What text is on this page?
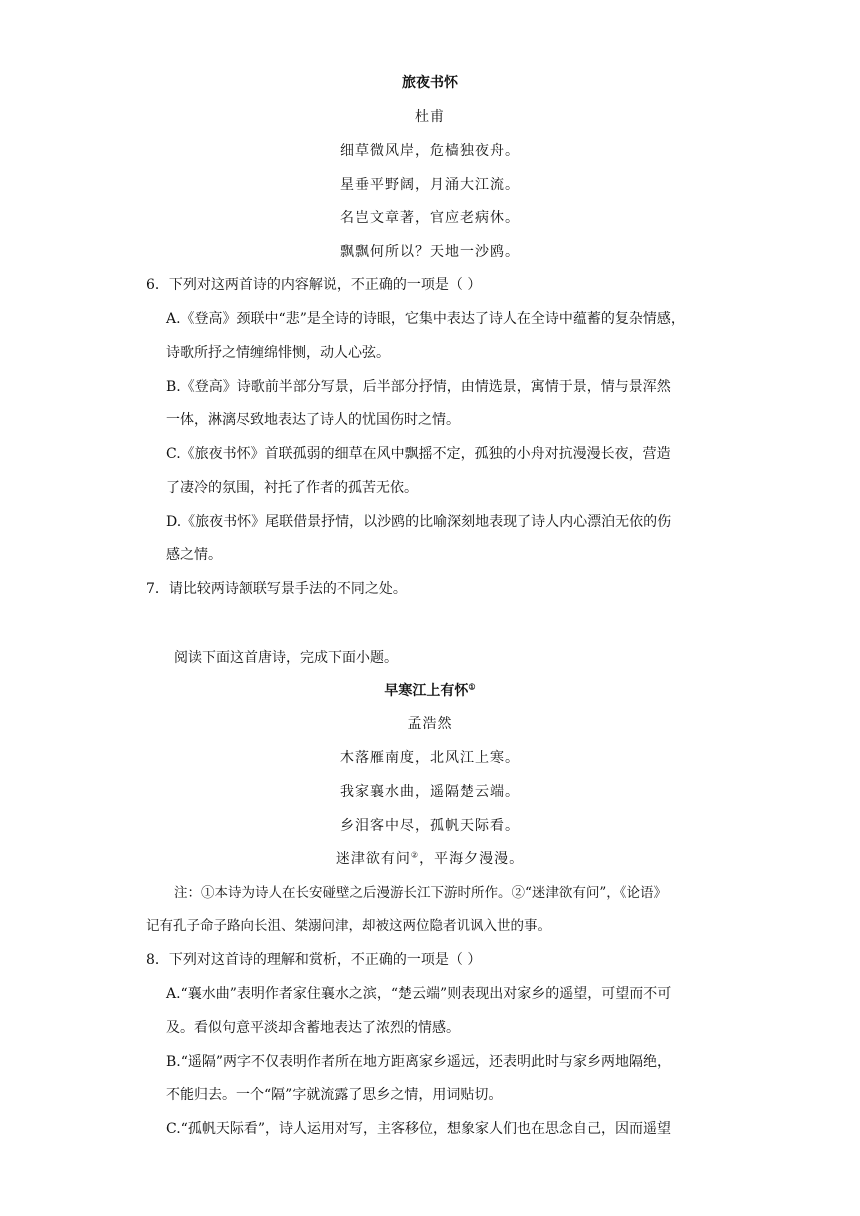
旅夜书怀
杜甫
细草微风岸，危樯独夜舟。
星垂平野阔，月涌大江流。
名岂文章著，官应老病休。
飘飘何所以？天地一沙鸥。
6．下列对这两首诗的内容解说，不正确的一项是（ ）
A.《登高》颈联中“悲”是全诗的诗眼，它集中表达了诗人在全诗中蕴蓄的复杂情感，
诗歌所抒之情缠绵悱恻，动人心弦。
B.《登高》诗歌前半部分写景，后半部分抒情，由情选景，寓情于景，情与景浑然
一体，淋漓尽致地表达了诗人的忧国伤时之情。
C.《旅夜书怀》首联孤弱的细草在风中飘摇不定，孤独的小舟对抗漫漫长夜，营造
了凄冷的氛围，衬托了作者的孤苦无依。
D.《旅夜书怀》尾联借景抒情，以沙鸥的比喻深刻地表现了诗人内心漂泊无依的伤
感之情。
7．请比较两诗颔联写景手法的不同之处。
阅读下面这首唐诗，完成下面小题。
早寒江上有怀①
孟浩然
木落雁南度，北风江上寒。
我家襄水曲，遥隔楚云端。
乡泪客中尽，孤帆天际看。
迷津欲有问②，平海夕漫漫。
注：①本诗为诗人在长安碰壁之后漫游长江下游时所作。②“迷津欲有问”，《论语》
记有孔子命子路向长沮、桀溺问津，却被这两位隐者讥讽入世的事。
8．下列对这首诗的理解和赏析，不正确的一项是（ ）
A.“襄水曲”表明作者家住襄水之滨，“楚云端”则表现出对家乡的遥望，可望而不可
及。看似句意平淡却含蓄地表达了浓烈的情感。
B.“遥隔”两字不仅表明作者所在地方距离家乡遥远，还表明此时与家乡两地隔绝，
不能归去。一个“隔”字就流露了思乡之情，用词贴切。
C.“孤帆天际看”，诗人运用对写，主客移位，想象家人们也在思念自己，因而遥望
